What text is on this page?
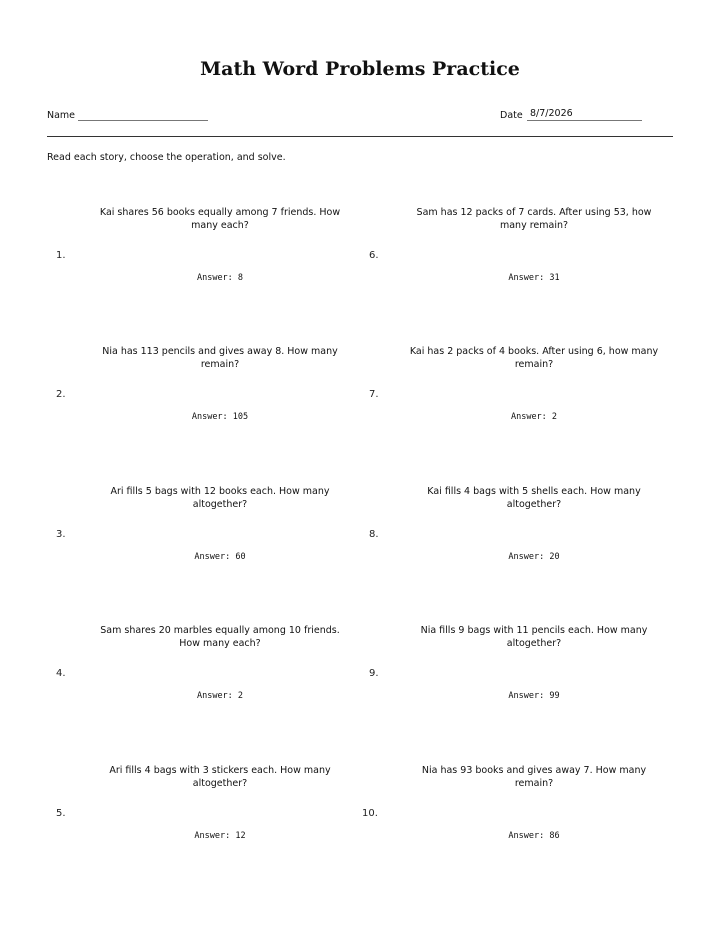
Math Word Problems Practice
Name	Date 8/7/2026
Read each story, choose the operation, and solve.
Kai shares 56 books equally among 7 friends. How many each?
1.
Answer: 8
Nia has 113 pencils and gives away 8. How many remain?
2.
Answer: 105
Ari fills 5 bags with 12 books each. How many altogether?
3.
Answer: 60
Sam shares 20 marbles equally among 10 friends. How many each?
4.
Answer: 2
Ari fills 4 bags with 3 stickers each. How many altogether?
5.
Answer: 12
Sam has 12 packs of 7 cards. After using 53, how many remain?
6.
Answer: 31
Kai has 2 packs of 4 books. After using 6, how many remain?
7.
Answer: 2
Kai fills 4 bags with 5 shells each. How many altogether?
8.
Answer: 20
Nia fills 9 bags with 11 pencils each. How many altogether?
9.
Answer: 99
Nia has 93 books and gives away 7. How many remain?
10.
Answer: 86
